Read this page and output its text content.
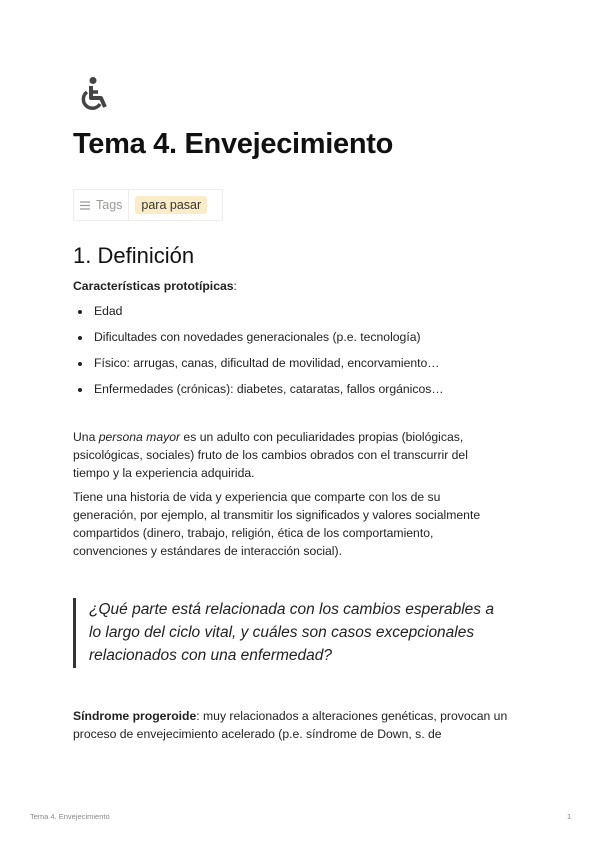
Tema 4. Envejecimiento
Tags	para pasar
1. Definición
Características prototípicas:
Edad
Dificultades con novedades generacionales (p.e. tecnología)
Físico: arrugas, canas, dificultad de movilidad, encorvamiento…
Enfermedades (crónicas): diabetes, cataratas, fallos orgánicos…
Una persona mayor es un adulto con peculiaridades propias (biológicas,
psicológicas, sociales) fruto de los cambios obrados con el transcurrir del
tiempo y la experiencia adquirida.
Tiene una historia de vida y experiencia que comparte con los de su
generación, por ejemplo, al transmitir los significados y valores socialmente
compartidos (dinero, trabajo, religión, ética de los comportamiento,
convenciones y estándares de interacción social).
¿Qué parte está relacionada con los cambios esperables a
lo largo del ciclo vital, y cuáles son casos excepcionales
relacionados con una enfermedad?
Síndrome progeroide: muy relacionados a alteraciones genéticas, provocan un
proceso de envejecimiento acelerado (p.e. síndrome de Down, s. de
Tema 4. Envejecimiento	1
